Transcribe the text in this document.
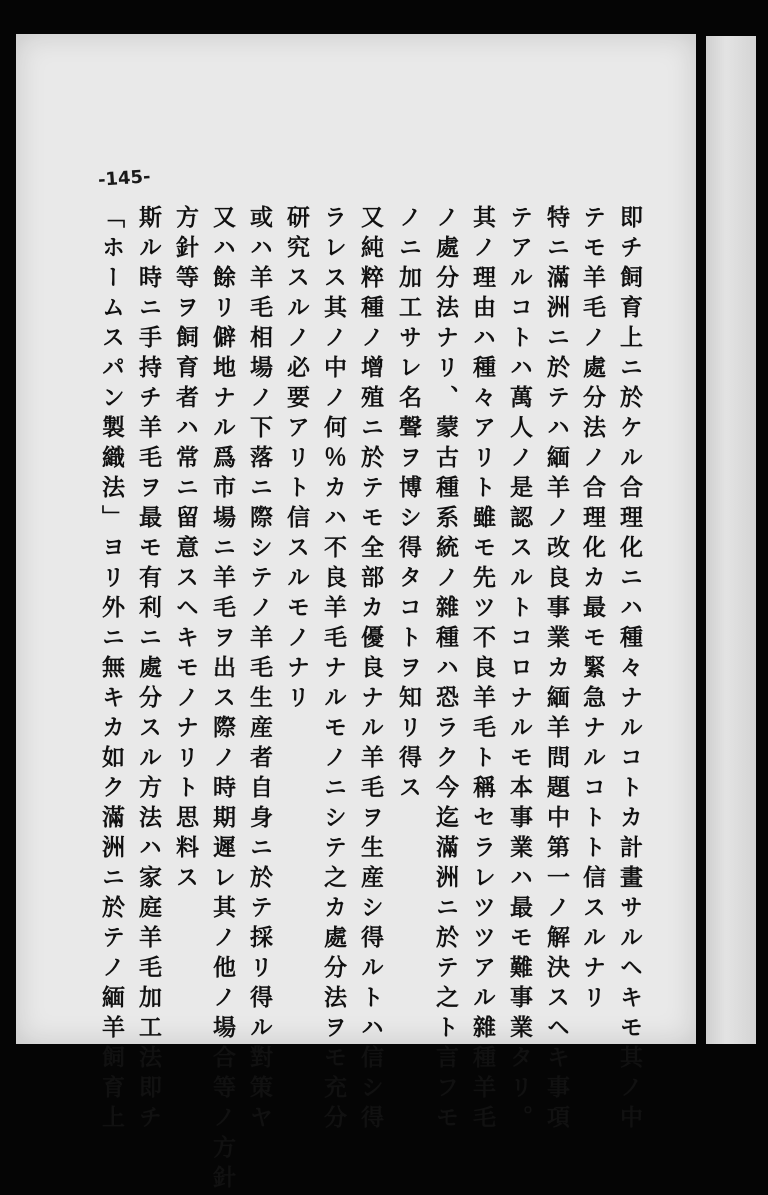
-145-
即チ飼育上ニ於ケル合理化ニハ種々ナルコトカ計畫サルヘキモ其ノ中
テモ羊毛ノ處分法ノ合理化カ最モ緊急ナルコトト信スルナリ
特ニ滿洲ニ於テハ緬羊ノ改良事業カ緬羊問題中第一ノ解決スヘキ事項
テアルコトハ萬人ノ是認スルトコロナルモ本事業ハ最モ難事業タリ。
其ノ理由ハ種々アリト雖モ先ツ不良羊毛ト稱セラレツツアル雜種羊毛
ノ處分法ナリ、蒙古種系統ノ雜種ハ恐ラク今迄滿洲ニ於テ之ト言フモ
ノニ加工サレ名聲ヲ博シ得タコトヲ知リ得ス
又純粹種ノ增殖ニ於テモ全部カ優良ナル羊毛ヲ生産シ得ルトハ信シ得
ラレス其ノ中ノ何％カハ不良羊毛ナルモノニシテ之カ處分法ヲモ充分
研究スルノ必要アリト信スルモノナリ
或ハ羊毛相場ノ下落ニ際シテノ羊毛生産者自身ニ於テ採リ得ル對策ヤ
又ハ餘リ僻地ナル爲市場ニ羊毛ヲ出ス際ノ時期遲レ其ノ他ノ場合等ノ方針
方針等ヲ飼育者ハ常ニ留意スヘキモノナリト思料ス
斯ル時ニ手持チ羊毛ヲ最モ有利ニ處分スル方法ハ家庭羊毛加工法即チ
「ホームスパン製織法」ヨリ外ニ無キカ如ク滿洲ニ於テノ緬羊飼育上
